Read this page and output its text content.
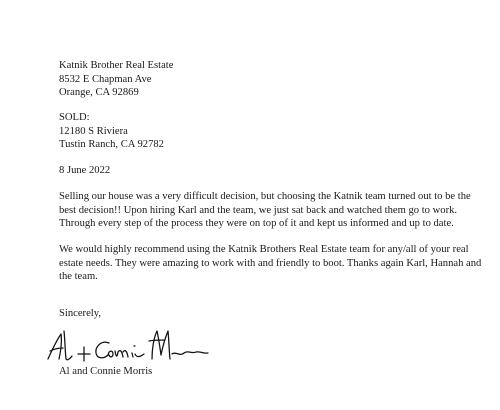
Katnik Brother Real Estate
8532 E Chapman Ave
Orange, CA 92869
SOLD:
12180 S Riviera
Tustin Ranch, CA 92782
8 June 2022
Selling our house was a very difficult decision, but choosing the Katnik team turned out to be the best decision!! Upon hiring Karl and the team, we just sat back and watched them go to work. Through every step of the process they were on top of it and kept us informed and up to date.
We would highly recommend using the Katnik Brothers Real Estate team for any/all of your real estate needs. They were amazing to work with and friendly to boot. Thanks again Karl, Hannah and the team.
Sincerely,
Al and Connie Morris
